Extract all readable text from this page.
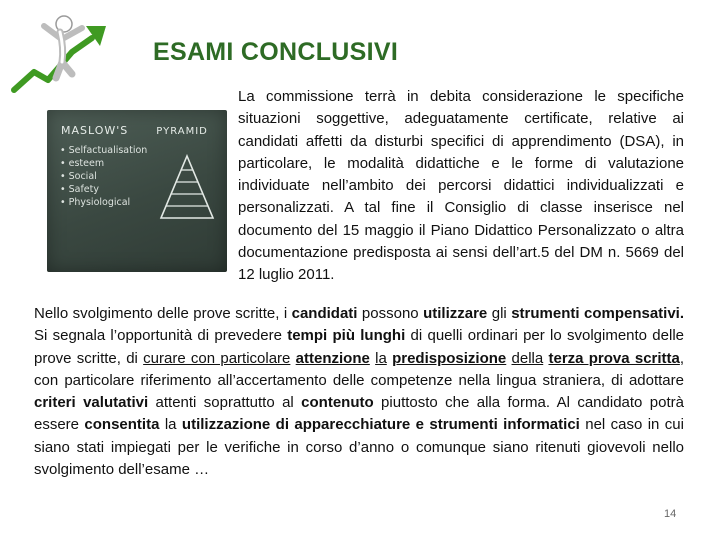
ESAMI CONCLUSIVI
MASLOW'S	PYRAMID
• Selfactualisation
• esteem
• Social
• Safety
• Physiological

La commissione terrà in debita considerazione le specifiche situazioni soggettive, adeguatamente certificate, relative ai candidati affetti da disturbi specifici di apprendimento (DSA), in particolare, le modalità didattiche e le forme di valutazione individuate nell’ambito dei percorsi didattici individualizzati e personalizzati. A tal fine il Consiglio di classe inserisce nel documento del 15 maggio il Piano Didattico Personalizzato o altra documentazione predisposta ai sensi dell’art.5 del DM n. 5669 del 12 luglio 2011.

Nello svolgimento delle prove scritte, i candidati possono utilizzare gli strumenti compensativi. Si segnala l’opportunità di prevedere tempi più lunghi di quelli ordinari per lo svolgimento delle prove scritte, di curare con particolare attenzione la predisposizione della terza prova scritta, con particolare riferimento all’accertamento delle competenze nella lingua straniera, di adottare criteri valutativi attenti soprattutto al contenuto piuttosto che alla forma. Al candidato potrà essere consentita la utilizzazione di apparecchiature e strumenti informatici nel caso in cui siano stati impiegati per le verifiche in corso d’anno o comunque siano ritenuti giovevoli nello svolgimento dell’esame …

14
